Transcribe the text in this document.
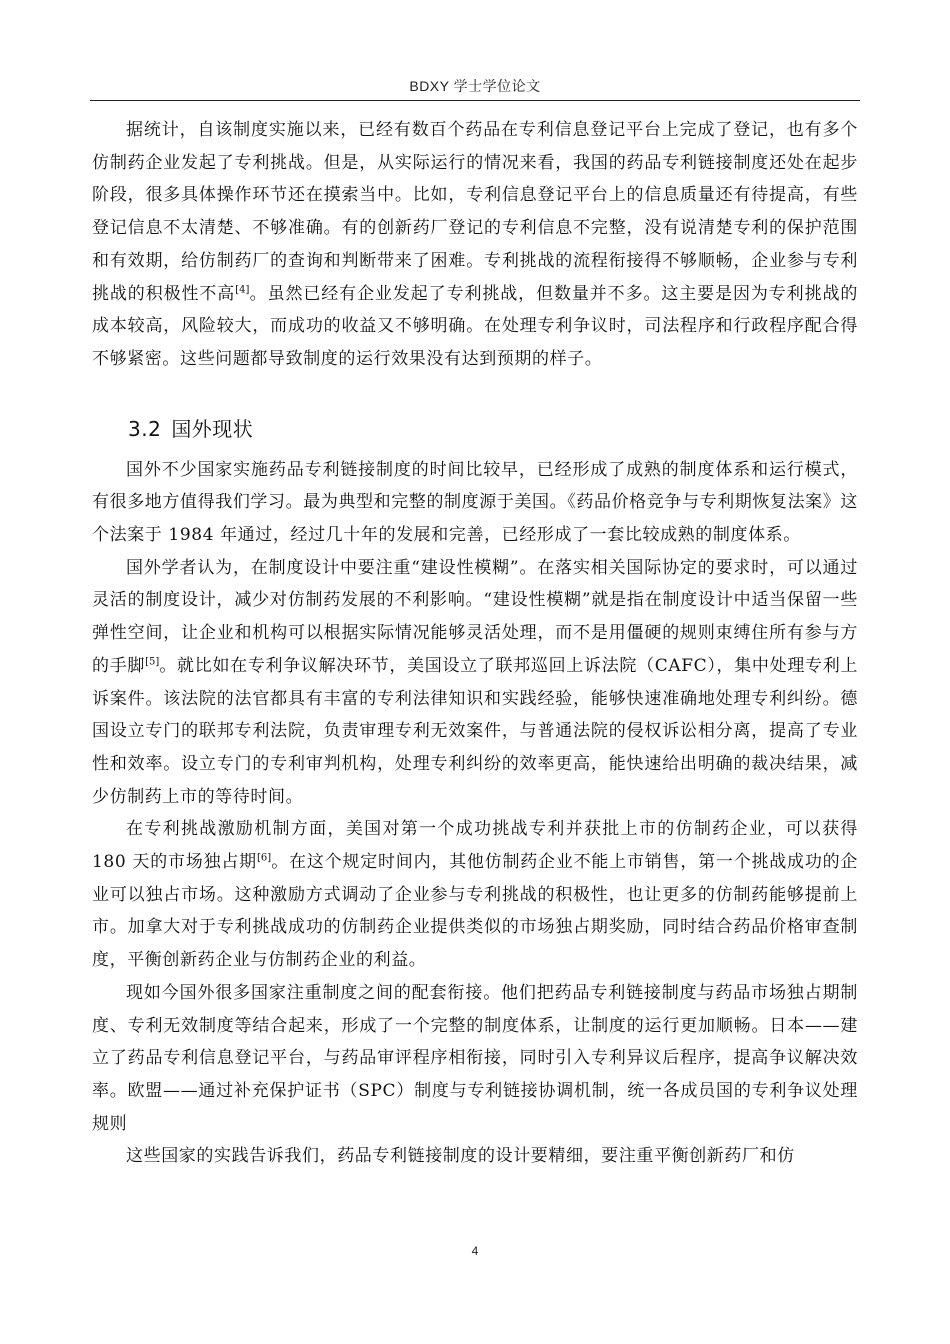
BDXY 学士学位论文

据统计，自该制度实施以来，已经有数百个药品在专利信息登记平台上完成了登记，也有多个仿制药企业发起了专利挑战。但是，从实际运行的情况来看，我国的药品专利链接制度还处在起步阶段，很多具体操作环节还在摸索当中。比如，专利信息登记平台上的信息质量还有待提高，有些登记信息不太清楚、不够准确。有的创新药厂登记的专利信息不完整，没有说清楚专利的保护范围和有效期，给仿制药厂的查询和判断带来了困难。专利挑战的流程衔接得不够顺畅，企业参与专利挑战的积极性不高[4]。虽然已经有企业发起了专利挑战，但数量并不多。这主要是因为专利挑战的成本较高，风险较大，而成功的收益又不够明确。在处理专利争议时，司法程序和行政程序配合得不够紧密。这些问题都导致制度的运行效果没有达到预期的样子。

3.2 国外现状

国外不少国家实施药品专利链接制度的时间比较早，已经形成了成熟的制度体系和运行模式，有很多地方值得我们学习。最为典型和完整的制度源于美国。《药品价格竞争与专利期恢复法案》这个法案于 1984 年通过，经过几十年的发展和完善，已经形成了一套比较成熟的制度体系。

国外学者认为，在制度设计中要注重“建设性模糊”。在落实相关国际协定的要求时，可以通过灵活的制度设计，减少对仿制药发展的不利影响。“建设性模糊”就是指在制度设计中适当保留一些弹性空间，让企业和机构可以根据实际情况能够灵活处理，而不是用僵硬的规则束缚住所有参与方的手脚[5]。就比如在专利争议解决环节，美国设立了联邦巡回上诉法院（CAFC），集中处理专利上诉案件。该法院的法官都具有丰富的专利法律知识和实践经验，能够快速准确地处理专利纠纷。德国设立专门的联邦专利法院，负责审理专利无效案件，与普通法院的侵权诉讼相分离，提高了专业性和效率。设立专门的专利审判机构，处理专利纠纷的效率更高，能快速给出明确的裁决结果，减少仿制药上市的等待时间。

在专利挑战激励机制方面，美国对第一个成功挑战专利并获批上市的仿制药企业，可以获得 180 天的市场独占期[6]。在这个规定时间内，其他仿制药企业不能上市销售，第一个挑战成功的企业可以独占市场。这种激励方式调动了企业参与专利挑战的积极性，也让更多的仿制药能够提前上市。加拿大对于专利挑战成功的仿制药企业提供类似的市场独占期奖励，同时结合药品价格审查制度，平衡创新药企业与仿制药企业的利益。

现如今国外很多国家注重制度之间的配套衔接。他们把药品专利链接制度与药品市场独占期制度、专利无效制度等结合起来，形成了一个完整的制度体系，让制度的运行更加顺畅。日本——建立了药品专利信息登记平台，与药品审评程序相衔接，同时引入专利异议后程序，提高争议解决效率。欧盟——通过补充保护证书（SPC）制度与专利链接协调机制，统一各成员国的专利争议处理规则

这些国家的实践告诉我们，药品专利链接制度的设计要精细，要注重平衡创新药厂和仿

4
